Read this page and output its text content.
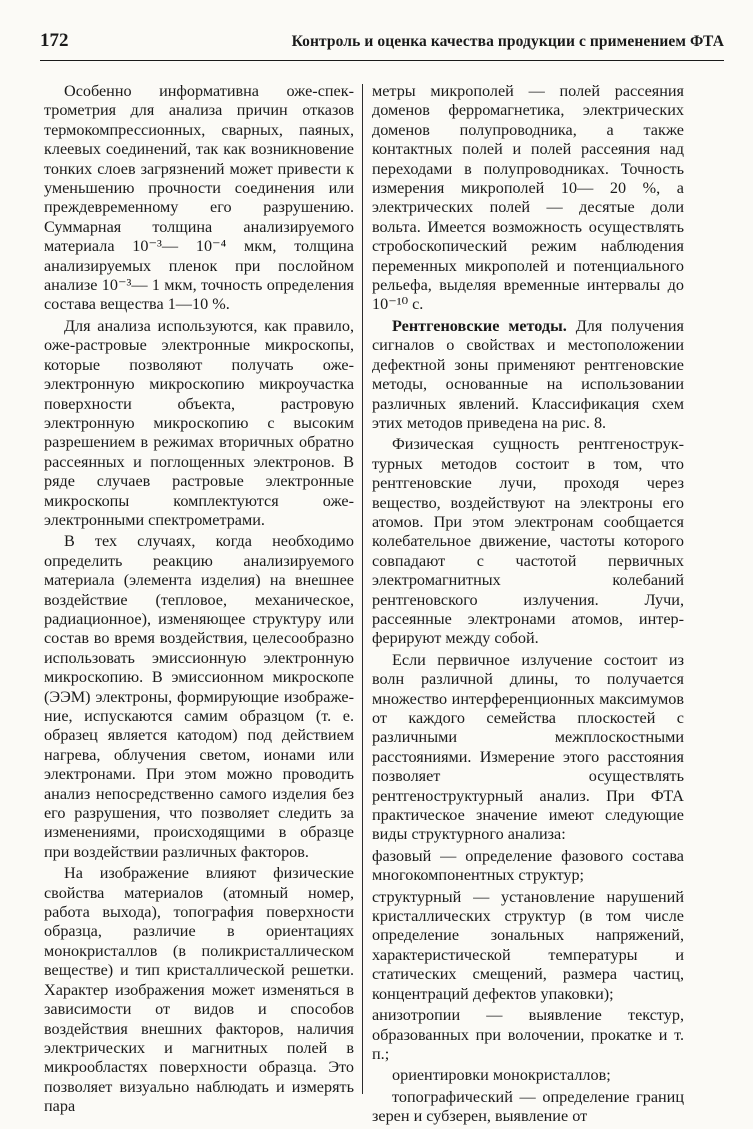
172	Контроль и оценка качества продукции с применением ФТА

Особенно информативна оже-спектрометрия для анализа причин отказов термокомпрессионных, сварных, паяных, клеевых соединений, так как возникновение тонких слоев загрязнений может привести к уменьшению прочности соединения или преждевременному его разрушению. Суммарная толщина анализируемого материала 10⁻³— 10⁻⁴ мкм, толщина анализируемых пленок при послойном анализе 10⁻³— 1 мкм, точность определения состава вещества 1—10 %.

Для анализа используются, как правило, оже-растровые электронные микроскопы, которые позволяют получать оже-электронную микроскопию микроучастка поверхности объекта, растровую электронную микроскопию с высоким разрешением в режимах вторичных обратно рассеянных и поглощенных электронов. В ряде случаев растровые электронные микроскопы комплектуются оже-электронными спектрометрами.

В тех случаях, когда необходимо определить реакцию анализируемого материала (элемента изделия) на внешнее воздействие (тепловое, механическое, радиационное), изменяющее структуру или состав во время воздействия, целесообразно использовать эмиссионную электронную микроскопию. В эмиссионном микроскопе (ЭЭМ) электроны, формирующие изображение, испускаются самим образцом (т. е. образец является катодом) под действием нагрева, облучения светом, ионами или электронами. При этом можно проводить анализ непосредственно самого изделия без его разрушения, что позволяет следить за изменениями, происходящими в образце при воздействии различных факторов.

На изображение влияют физические свойства материалов (атомный номер, работа выхода), топография поверхности образца, различие в ориентациях монокристаллов (в поликристаллическом веществе) и тип кристаллической решетки. Характер изображения может изменяться в зависимости от видов и способов воздействия внешних факторов, наличия электрических и магнитных полей в микрообластях поверхности образца. Это позволяет визуально наблюдать и измерять пара

метры микрополей — полей рассеяния доменов ферромагнетика, электрических доменов полупроводника, а также контактных полей и полей рассеяния над переходами в полупроводниках. Точность измерения микрополей 10— 20 %, а электрических полей — десятые доли вольта. Имеется возможность осуществлять стробоскопический режим наблюдения переменных микрополей и потенциального рельефа, выделяя временные интервалы до 10⁻¹⁰ с.

Рентгеновские методы. Для получения сигналов о свойствах и местоположении дефектной зоны применяют рентгеновские методы, основанные на использовании различных явлений. Классификация схем этих методов приведена на рис. 8.

Физическая сущность рентгеноструктурных методов состоит в том, что рентгеновские лучи, проходя через вещество, воздействуют на электроны его атомов. При этом электронам сообщается колебательное движение, частоты которого совпадают с частотой первичных электромагнитных колебаний рентгеновского излучения. Лучи, рассеянные электронами атомов, интерферируют между собой.

Если первичное излучение состоит из волн различной длины, то получается множество интерференционных максимумов от каждого семейства плоскостей с различными межплоскостными расстояниями. Измерение этого расстояния позволяет осуществлять рентгеноструктурный анализ. При ФТА практическое значение имеют следующие виды структурного анализа:

фазовый — определение фазового состава многокомпонентных структур;

структурный — установление нарушений кристаллических структур (в том числе определение зональных напряжений, характеристической температуры и статических смещений, размера частиц, концентраций дефектов упаковки);

анизотропии — выявление текстур, образованных при волочении, прокатке и т. п.;

ориентировки монокристаллов;

топографический — определение границ зерен и субзерен, выявление от
